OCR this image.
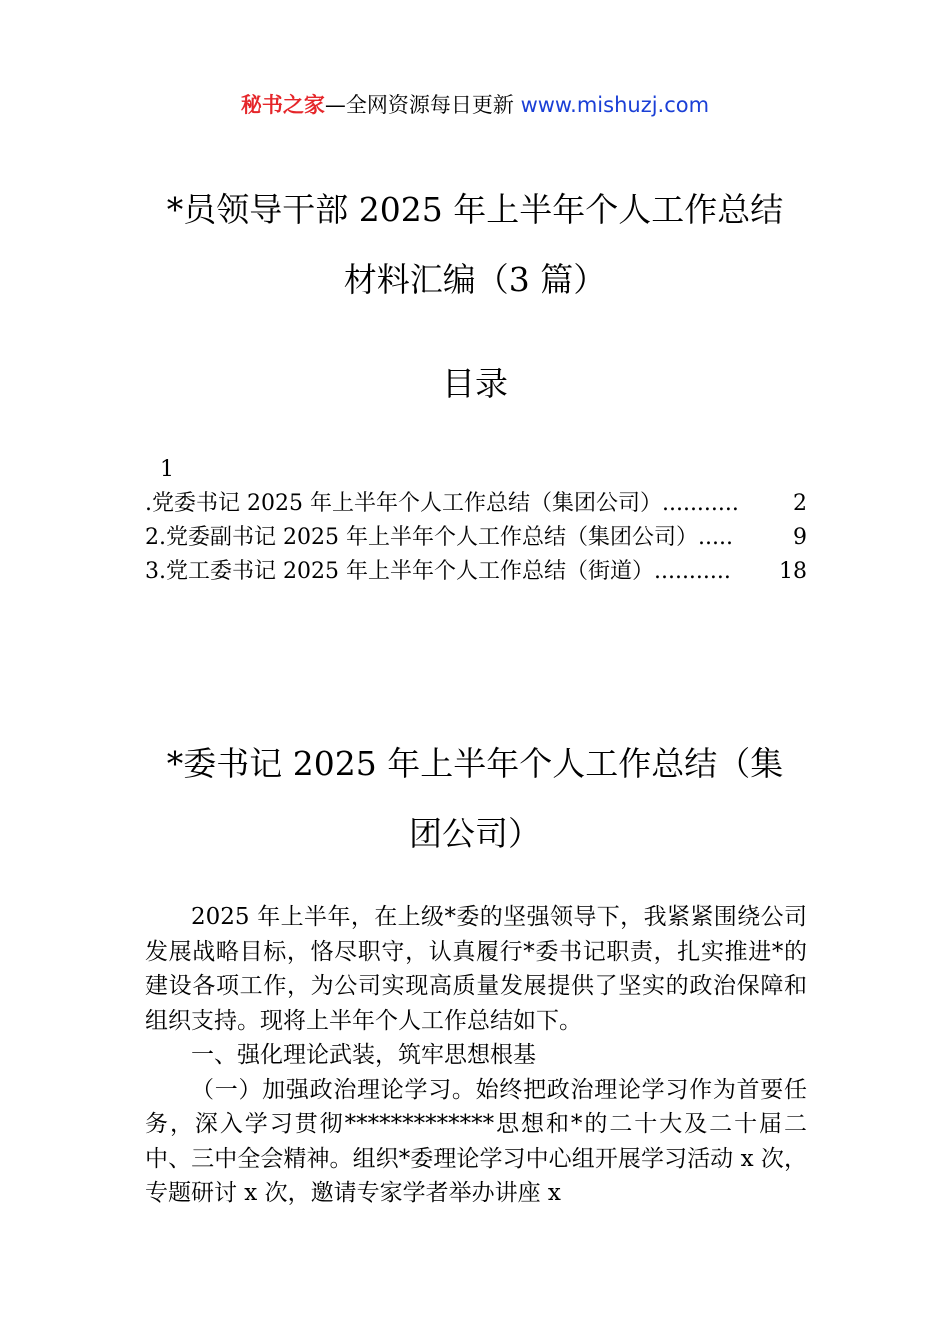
秘书之家—全网资源每日更新 www.mishuzj.com
*员领导干部 2025 年上半年个人工作总结
材料汇编（3 篇）
目录
1
.党委书记 2025 年上半年个人工作总结（集团公司）........... 2
2.党委副书记 2025 年上半年个人工作总结（集团公司）.....	9
3.党工委书记 2025 年上半年个人工作总结（街道）........... 18
*委书记 2025 年上半年个人工作总结（集
团公司）

2025 年上半年，在上级*委的坚强领导下，我紧紧围绕公司发展战略目标，恪尽职守，认真履行*委书记职责，扎实推进*的建设各项工作，为公司实现高质量发展提供了坚实的政治保障和组织支持。现将上半年个人工作总结如下。

一、强化理论武装，筑牢思想根基

（一）加强政治理论学习。始终把政治理论学习作为首要任务，深入学习贯彻*************思想和*的二十大及二十届二中、三中全会精神。组织*委理论学习中心组开展学习活动 x 次，专题研讨 x 次，邀请专家学者举办讲座 x
